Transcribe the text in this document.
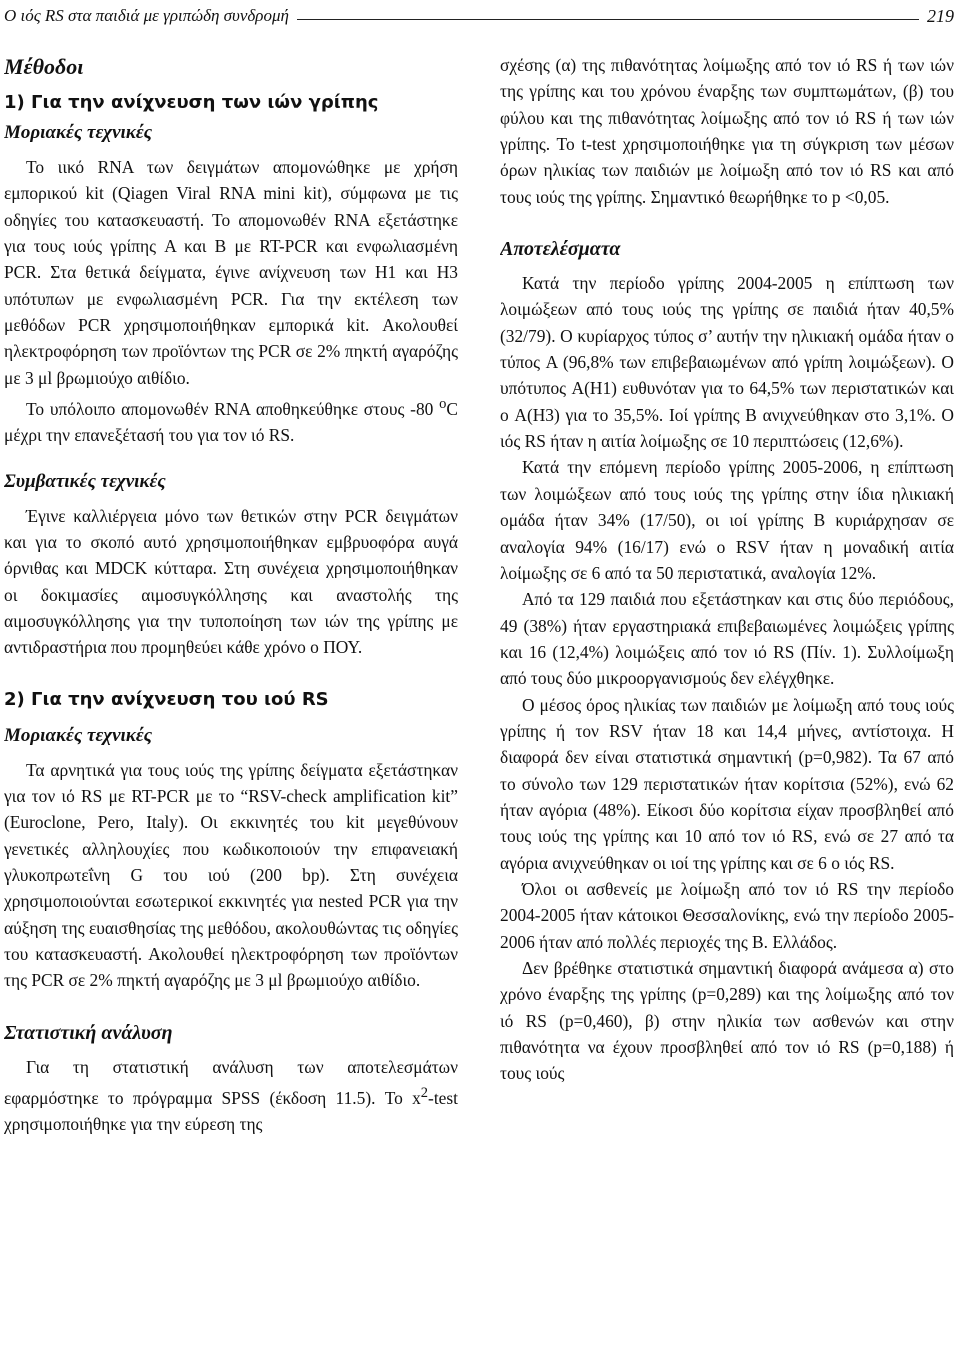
Ο ιός RS στα παιδιά με γριπώδη συνδρομή	219
Μέθοδοι
1) Για την ανίχνευση των ιών γρίπης
Μοριακές τεχνικές

Το ιικό RNA των δειγμάτων απομονώθηκε με χρήση εμπορικού kit (Qiagen Viral RNA mini kit), σύμφωνα με τις οδηγίες του κατασκευαστή. Το απομονωθέν RNA εξετάστηκε για τους ιούς γρίπης A και B με RT-PCR και ενφωλιασμένη PCR. Στα θετικά δείγματα, έγινε ανίχνευση των H1 και H3 υπότυπων με ενφωλιασμένη PCR. Για την εκτέλεση των μεθόδων PCR χρησιμοποιήθηκαν εμπορικά kit. Ακολουθεί ηλεκτροφόρηση των προϊόντων της PCR σε 2% πηκτή αγαρόζης με 3 μl βρωμιούχο αιθίδιο.

Το υπόλοιπο απομονωθέν RNA αποθηκεύθηκε στους -80 $^o$C μέχρι την επανεξέτασή του για τον ιό RS.

Συμβατικές τεχνικές

Έγινε καλλιέργεια μόνο των θετικών στην PCR δειγμάτων και για το σκοπό αυτό χρησιμοποιήθηκαν εμβρυοφόρα αυγά όρνιθας και MDCK κύτταρα. Στη συνέχεια χρησιμοποιήθηκαν οι δοκιμασίες αιμοσυγκόλλησης και αναστολής της αιμοσυγκόλλησης για την τυποποίηση των ιών της γρίπης με αντιδραστήρια που προμηθεύει κάθε χρόνο ο ΠΟΥ.

2) Για την ανίχνευση του ιού RS
Μοριακές τεχνικές

Τα αρνητικά για τους ιούς της γρίπης δείγματα εξετάστηκαν για τον ιό RS με RT-PCR με το “RSV-check amplification kit” (Euroclone, Pero, Italy). Οι εκκινητές του kit μεγεθύνουν γενετικές αλληλουχίες που κωδικοποιούν την επιφανειακή γλυκοπρωτεΐνη G του ιού (200 bp). Στη συνέχεια χρησιμοποιούνται εσωτερικοί εκκινητές για nested PCR για την αύξηση της ευαισθησίας της μεθόδου, ακολουθώντας τις οδηγίες του κατασκευαστή. Ακολουθεί ηλεκτροφόρηση των προϊόντων της PCR σε 2% πηκτή αγαρόζης με 3 μl βρωμιούχο αιθίδιο.

Στατιστική ανάλυση

Για τη στατιστική ανάλυση των αποτελεσμάτων εφαρμόστηκε το πρόγραμμα SPSS (έκδοση 11.5). Το $x^2$-test χρησιμοποιήθηκε για την εύρεση της

σχέσης (α) της πιθανότητας λοίμωξης από τον ιό RS ή των ιών της γρίπης και του χρόνου έναρξης των συμπτωμάτων, (β) του φύλου και της πιθανότητας λοίμωξης από τον ιό RS ή των ιών γρίπης. Το t-test χρησιμοποιήθηκε για τη σύγκριση των μέσων όρων ηλικίας των παιδιών με λοίμωξη από τον ιό RS και από τους ιούς της γρίπης. Σημαντικό θεωρήθηκε το p <0,05.

Αποτελέσματα

Κατά την περίοδο γρίπης 2004-2005 η επίπτωση των λοιμώξεων από τους ιούς της γρίπης σε παιδιά ήταν 40,5% (32/79). Ο κυρίαρχος τύπος σ’ αυτήν την ηλικιακή ομάδα ήταν ο τύπος A (96,8% των επιβεβαιωμένων από γρίπη λοιμώξεων). Ο υπότυπος A(H1) ευθυνόταν για το 64,5% των περιστατικών και ο A(H3) για το 35,5%. Ιοί γρίπης B ανιχνεύθηκαν στο 3,1%. Ο ιός RS ήταν η αιτία λοίμωξης σε 10 περιπτώσεις (12,6%).

Κατά την επόμενη περίοδο γρίπης 2005-2006, η επίπτωση των λοιμώξεων από τους ιούς της γρίπης στην ίδια ηλικιακή ομάδα ήταν 34% (17/50), οι ιοί γρίπης B κυριάρχησαν σε αναλογία 94% (16/17) ενώ ο RSV ήταν η μοναδική αιτία λοίμωξης σε 6 από τα 50 περιστατικά, αναλογία 12%.

Από τα 129 παιδιά που εξετάστηκαν και στις δύο περιόδους, 49 (38%) ήταν εργαστηριακά επιβεβαιωμένες λοιμώξεις γρίπης και 16 (12,4%) λοιμώξεις από τον ιό RS (Πίν. 1). Συλλοίμωξη από τους δύο μικροοργανισμούς δεν ελέγχθηκε.

Ο μέσος όρος ηλικίας των παιδιών με λοίμωξη από τους ιούς γρίπης ή τον RSV ήταν 18 και 14,4 μήνες, αντίστοιχα. Η διαφορά δεν είναι στατιστικά σημαντική (p=0,982). Τα 67 από το σύνολο των 129 περιστατικών ήταν κορίτσια (52%), ενώ 62 ήταν αγόρια (48%). Είκοσι δύο κορίτσια είχαν προσβληθεί από τους ιούς της γρίπης και 10 από τον ιό RS, ενώ σε 27 από τα αγόρια ανιχνεύθηκαν οι ιοί της γρίπης και σε 6 ο ιός RS.

Όλοι οι ασθενείς με λοίμωξη από τον ιό RS την περίοδο 2004-2005 ήταν κάτοικοι Θεσσαλονίκης, ενώ την περίοδο 2005-2006 ήταν από πολλές περιοχές της Β. Ελλάδος.

Δεν βρέθηκε στατιστικά σημαντική διαφορά ανάμεσα α) στο χρόνο έναρξης της γρίπης (p=0,289) και της λοίμωξης από τον ιό RS (p=0,460), β) στην ηλικία των ασθενών και στην πιθανότητα να έχουν προσβληθεί από τον ιό RS (p=0,188) ή τους ιούς
